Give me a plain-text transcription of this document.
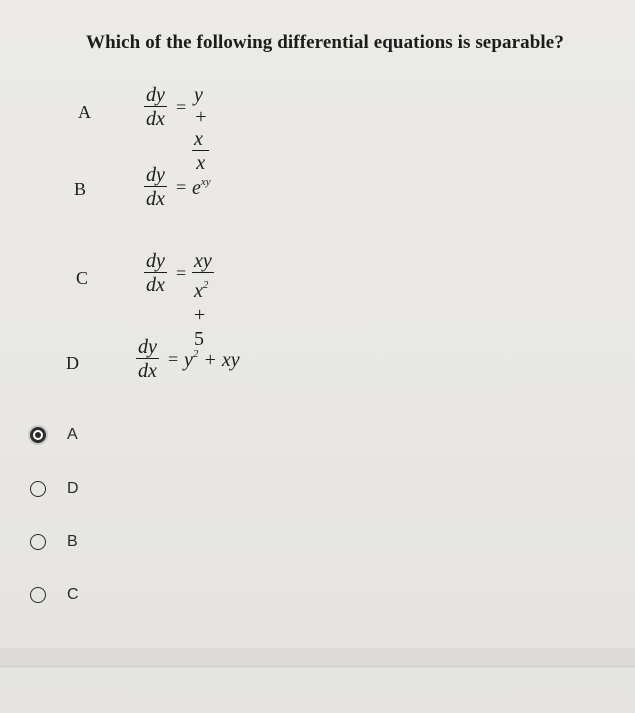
Which of the following differential equations is separable?
A
dy
dx
=
y + x
x
B
dy
dx
= $e^{xy}$
C
dy
dx
=
xy
$x^2 + 5$
D
dy
dx
= $y^2$ + xy
A
D
B
C
